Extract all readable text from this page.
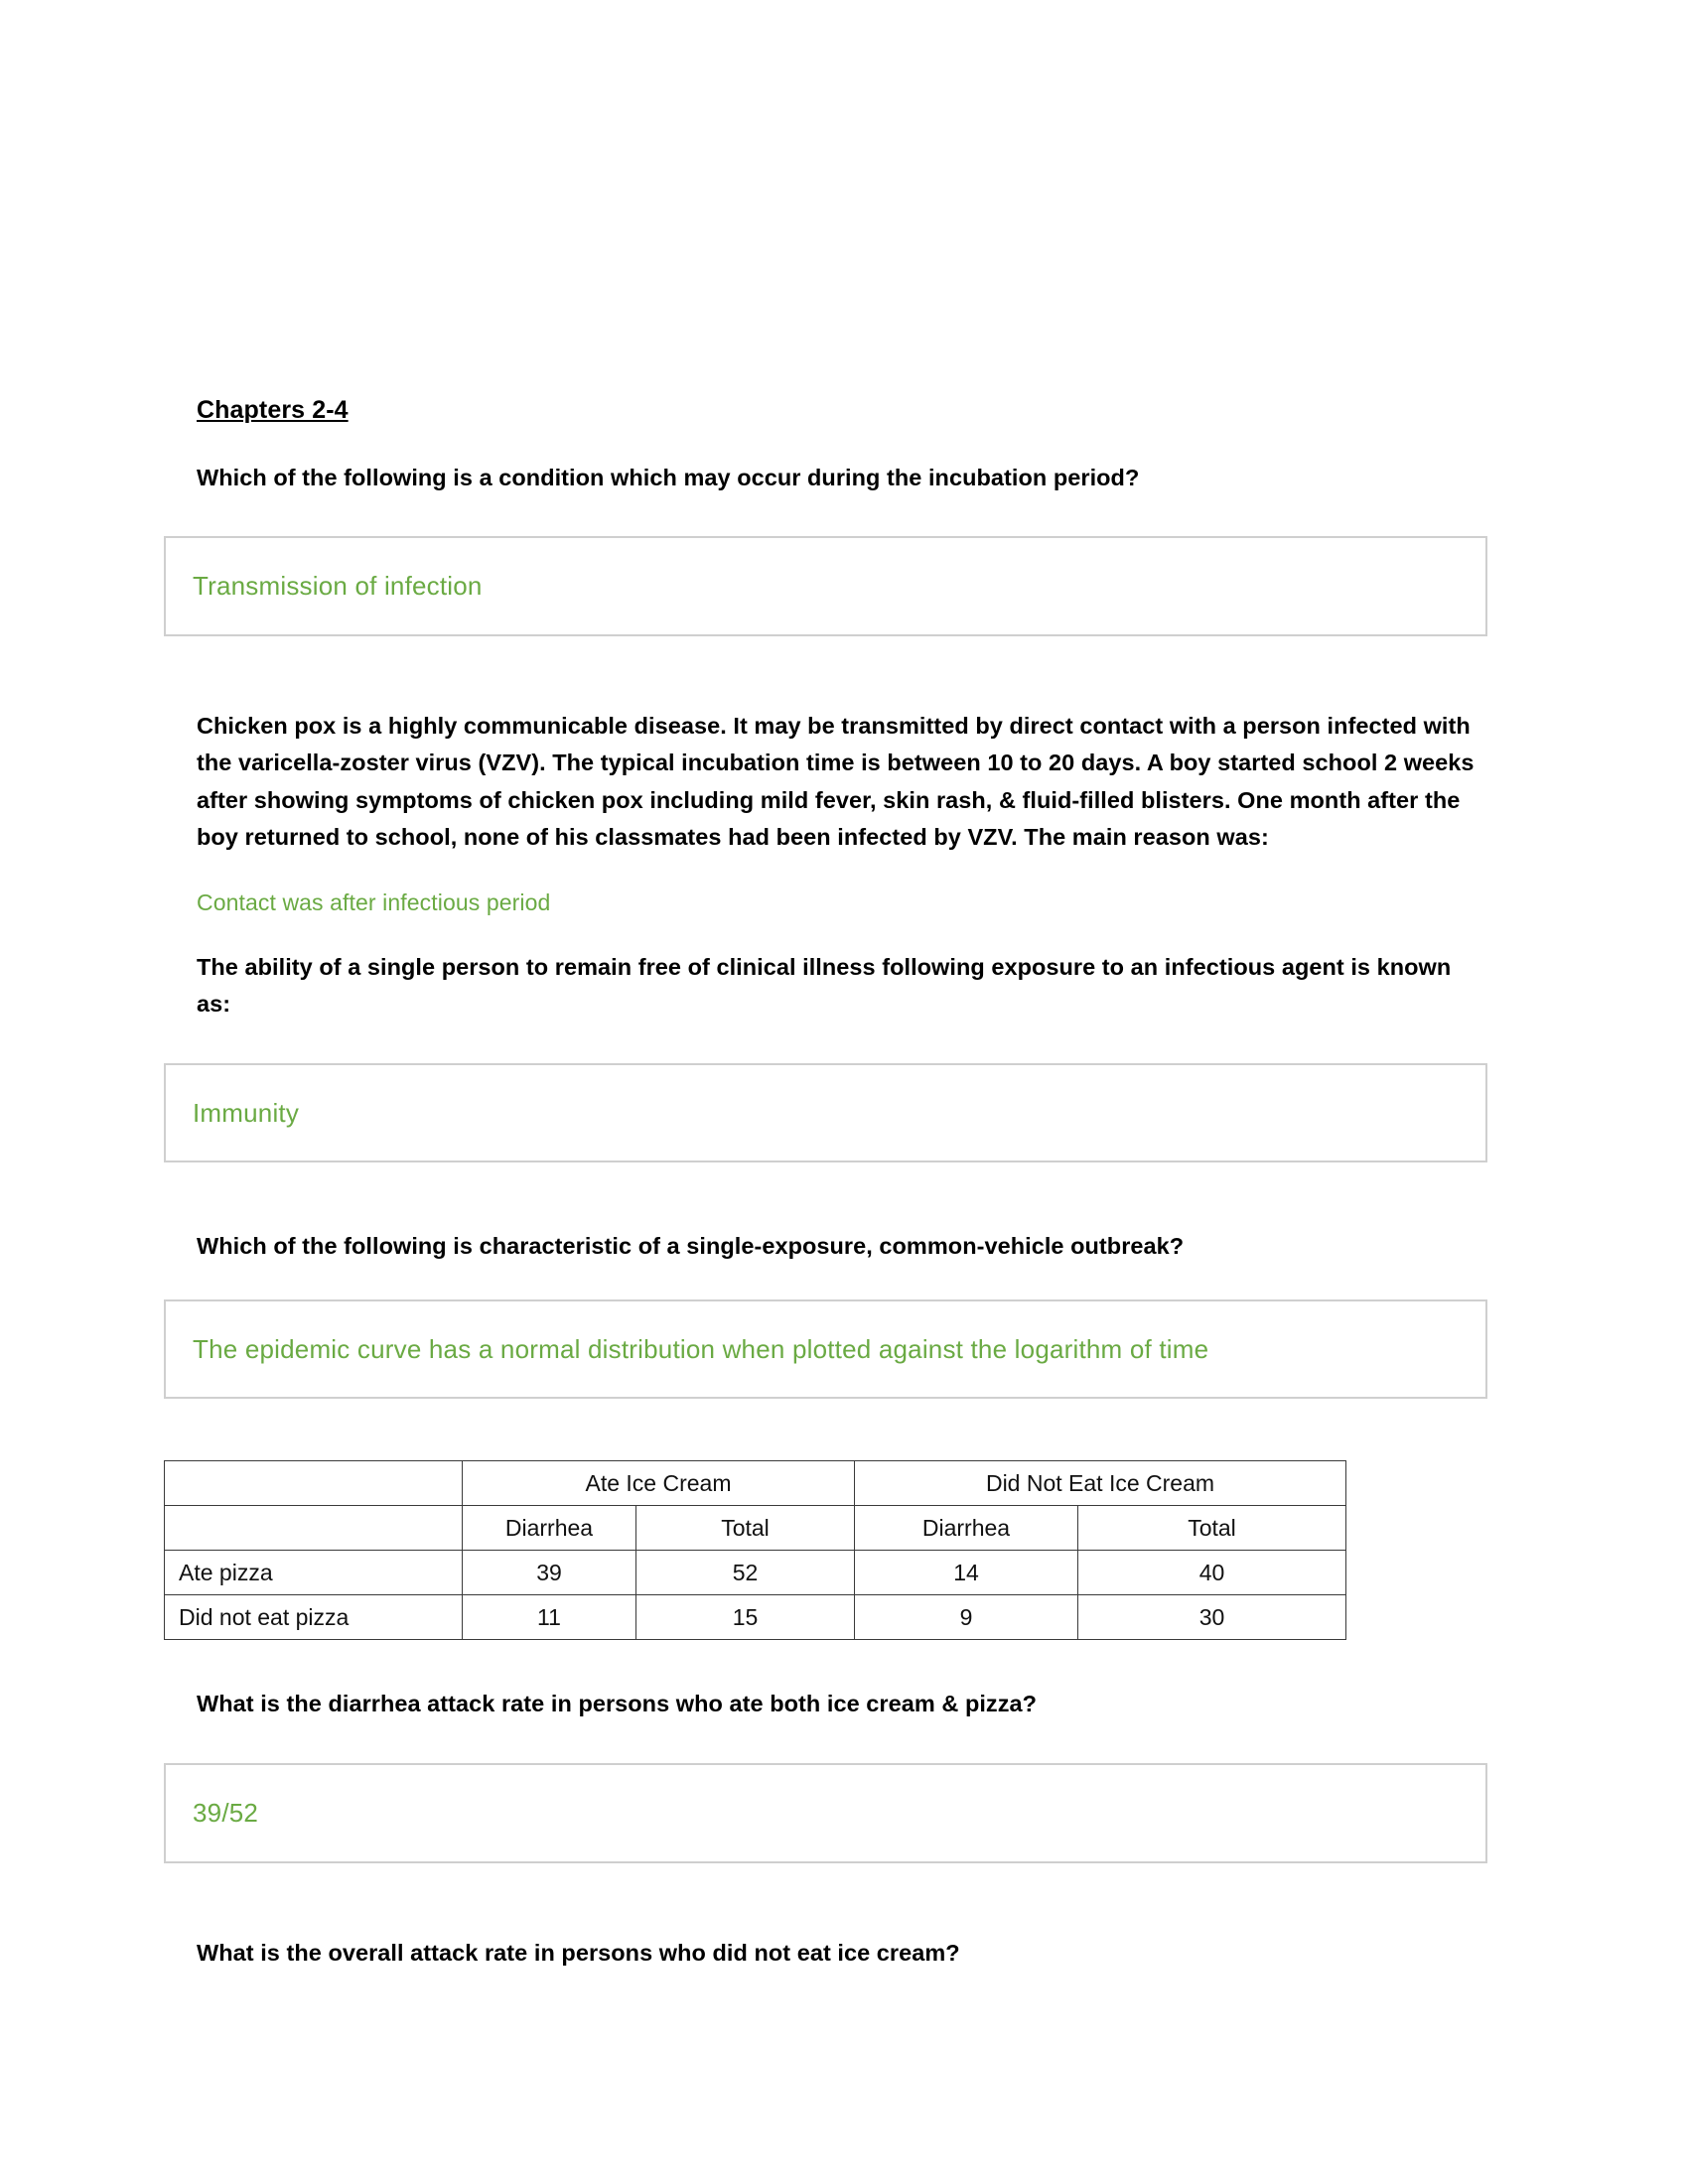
Chapters 2-4
Which of the following is a condition which may occur during the incubation period?
Transmission of infection
Chicken pox is a highly communicable disease. It may be transmitted by direct contact with a person infected with the varicella-zoster virus (VZV). The typical incubation time is between 10 to 20 days. A boy started school 2 weeks after showing symptoms of chicken pox including mild fever, skin rash, & fluid-filled blisters. One month after the boy returned to school, none of his classmates had been infected by VZV. The main reason was:
Contact was after infectious period
The ability of a single person to remain free of clinical illness following exposure to an infectious agent is known as:
Immunity
Which of the following is characteristic of a single-exposure, common-vehicle outbreak?
The epidemic curve has a normal distribution when plotted against the logarithm of time
	Ate Ice Cream		Did Not Eat Ice Cream	
	Diarrhea	Total	Diarrhea	Total
Ate pizza	39	52	14	40
Did not eat pizza	11	15	9	30
What is the diarrhea attack rate in persons who ate both ice cream & pizza?
39/52
What is the overall attack rate in persons who did not eat ice cream?
